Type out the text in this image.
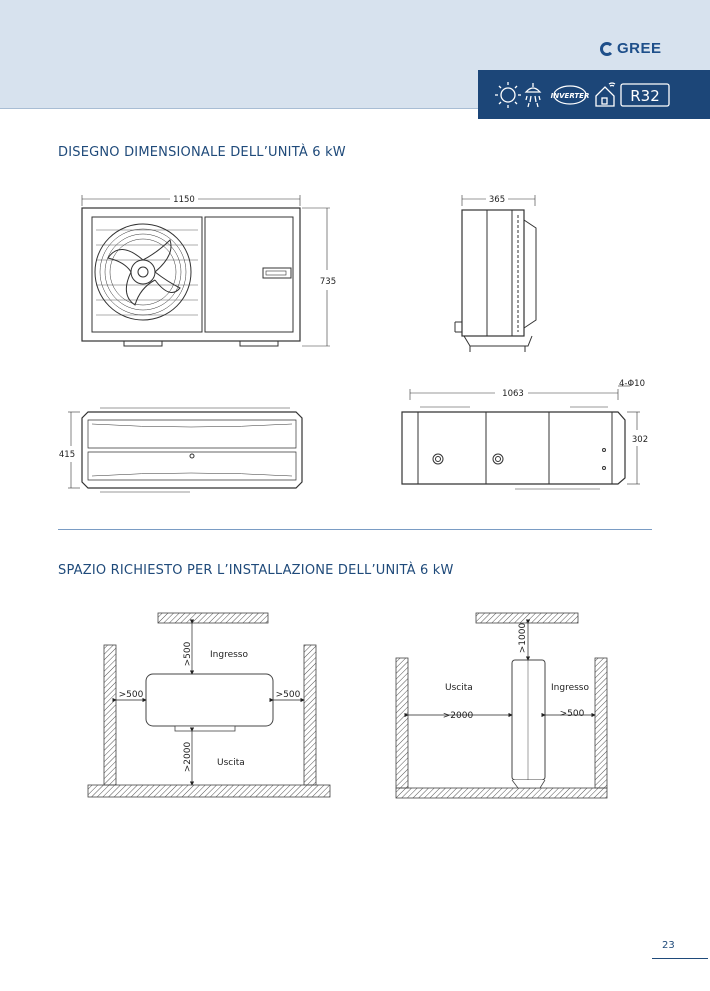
GREE
INVERTER	R32
DISEGNO DIMENSIONALE DELL’UNITÀ 6 kW
SPAZIO RICHIESTO PER L’INSTALLAZIONE DELL’UNITÀ 6 kW
1150
735
365
415
1063
302
4-Φ10
>500
>500	>500
>2000
Ingresso
Uscita
>1000
>2000	>500
Uscita	Ingresso
23
